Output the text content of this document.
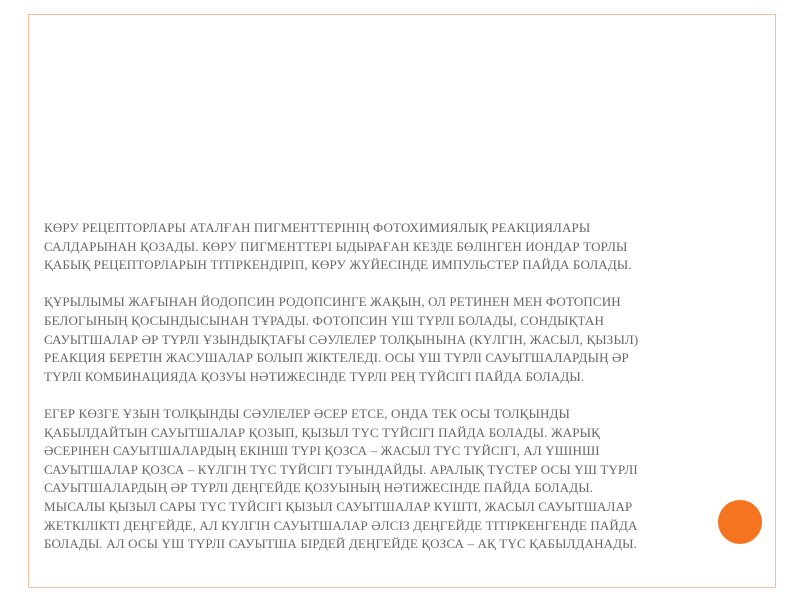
КӨРУ РЕЦЕПТОРЛАРЫ АТАЛҒАН ПИГМЕНТТЕРІНІҢ ФОТОХИМИЯЛЫҚ РЕАКЦИЯЛАРЫ
САЛДАРЫНАН ҚОЗАДЫ. КӨРУ ПИГМЕНТТЕРІ ЫДЫРАҒАН КЕЗДЕ БӨЛІНГЕН ИОНДАР ТОРЛЫ
ҚАБЫҚ РЕЦЕПТОРЛАРЫН ТІТІРКЕНДІРІП, КӨРУ ЖҮЙЕСІНДЕ ИМПУЛЬСТЕР ПАЙДА БОЛАДЫ.
ҚҰРЫЛЫМЫ ЖАҒЫНАН ЙОДОПСИН РОДОПСИНГЕ ЖАҚЫН, ОЛ РЕТИНЕН МЕН ФОТОПСИН
БЕЛОГЫНЫҢ ҚОСЫНДЫСЫНАН ТҰРАДЫ. ФОТОПСИН ҮШ ТҮРЛІ БОЛАДЫ, СОНДЫҚТАН
САУЫТШАЛАР ӘР ТҮРЛІ ҰЗЫНДЫҚТАҒЫ СӘУЛЕЛЕР ТОЛҚЫНЫНА (КҮЛГІН, ЖАСЫЛ, ҚЫЗЫЛ)
РЕАКЦИЯ БЕРЕТІН ЖАСУШАЛАР БОЛЫП ЖІКТЕЛЕДІ. ОСЫ ҮШ ТҮРЛІ САУЫТШАЛАРДЫҢ ӘР
ТҮРЛІ КОМБИНАЦИЯДА ҚОЗУЫ НӘТИЖЕСІНДЕ ТҮРЛІ РЕҢ ТҮЙСІГІ ПАЙДА БОЛАДЫ.
ЕГЕР КӨЗГЕ ҰЗЫН ТОЛҚЫНДЫ СӘУЛЕЛЕР ӘСЕР ЕТСЕ, ОНДА ТЕК ОСЫ ТОЛҚЫНДЫ
ҚАБЫЛДАЙТЫН САУЫТШАЛАР ҚОЗЫП, ҚЫЗЫЛ ТҮС ТҮЙСІГІ ПАЙДА БОЛАДЫ. ЖАРЫҚ
ӘСЕРІНЕН САУЫТШАЛАРДЫҢ ЕКІНШІ ТҮРІ ҚОЗСА – ЖАСЫЛ ТҮС ТҮЙСІГІ, АЛ ҮШІНШІ
САУЫТШАЛАР ҚОЗСА – КҮЛГІН ТҮС ТҮЙСІГІ ТУЫНДАЙДЫ. АРАЛЫҚ ТҮСТЕР ОСЫ ҮШ ТҮРЛІ
САУЫТШАЛАРДЫҢ ӘР ТҮРЛІ ДЕҢГЕЙДЕ ҚОЗУЫНЫҢ НӘТИЖЕСІНДЕ ПАЙДА БОЛАДЫ.
МЫСАЛЫ ҚЫЗЫЛ САРЫ ТҮС ТҮЙСІГІ ҚЫЗЫЛ САУЫТШАЛАР КҮШТІ, ЖАСЫЛ САУЫТШАЛАР
ЖЕТКІЛІКТІ ДЕҢГЕЙДЕ, АЛ КҮЛГІН САУЫТШАЛАР ӘЛСІЗ ДЕҢГЕЙДЕ ТІТІРКЕНГЕНДЕ ПАЙДА
БОЛАДЫ. АЛ ОСЫ ҮШ ТҮРЛІ САУЫТША БІРДЕЙ ДЕҢГЕЙДЕ ҚОЗСА – АҚ ТҮС ҚАБЫЛДАНАДЫ.
